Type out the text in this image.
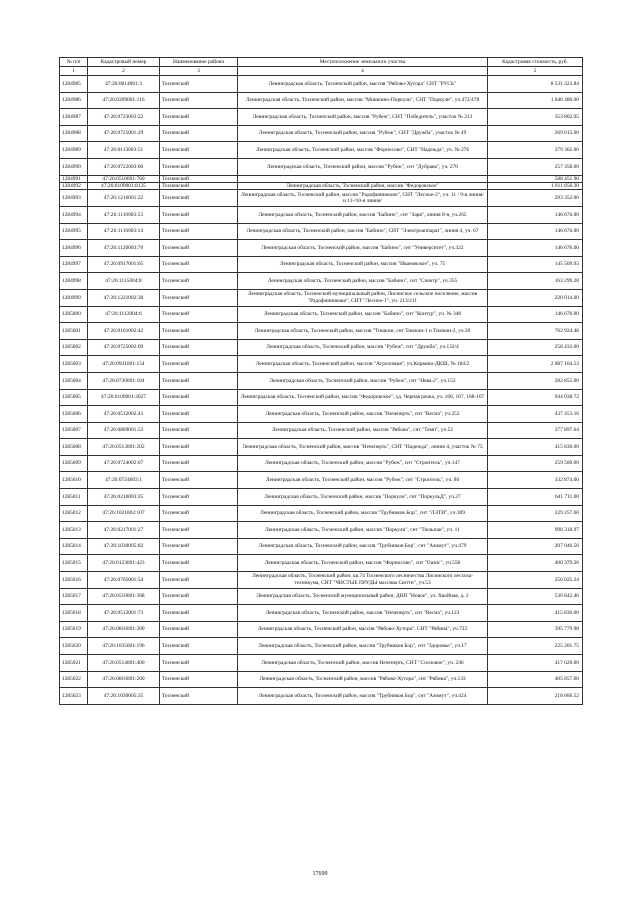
№ п/п	Кадастровый номер	Наименование района	Местоположение земельного участка	Кадастровая стоимость, руб.
1	2	3	4	5
1284985	47:26:0814001:3	Тосненский	Ленинградская область, Тосненский район, массив "Рябово-Хутора" СНТ "РУСЬ"	8 531 323.84
1284986	47:26:0209001:116	Тосненский	Ленинградская область, Тосненский район, массив "Мишкино-Поркули", СНТ "Поркули", уч.472/478	1 648 480.00
1284987	47:26:0723003:22	Тосненский	Ленинградская область, Тосненский район, массив "Рубеж", СНТ "Победитель", участок № 213	353 802.95
1284988	47:26:0725001:29	Тосненский	Ленинградская область, Тосненский район, массив "Рубеж", СНТ "Дружба", участок № 49	269 015.00
1284989	47:26:0113003:51	Тосненский	Ленинградская область, Тосненский район, массив "Форносово", СНТ "Надежда", уч. № 276	379 362.00
1284990	47:26:0722003:60	Тосненский	Ленинградская область, Тосненский район, массив "Рубеж", снт "Дубрава", уч. 270	257 358.00
1284991	47:26:0510001:760	Тосненский		588 451.90
1284992	47:26:0109001:8135	Тосненский	Ленинградская область, Тосненский район, массив "Федоровское"	1 011 856.30
1284993	47:26:1216001:22	Тосненский	Ленинградская область, Тосненский район, массив "Радофинниково", СНТ "Лесное-2", уч. 11 / 9-я линия/ и 11-/10-я линия/	293 352.00
1284994	47:26:1110003:53	Тосненский	Ленинградская область, Тосненский район, массив "Бабино", снт "Заря", линия 8-я, уч.265	146 676.00
1284995	47:26:1116003:14	Тосненский	Ленинградская область, Тосненский район, массив "Бабино", СНТ "Электроаппарат", линия 4, уч. 67	146 676.00
1284996	47:26:1120003:70	Тосненский	Ленинградская область, Тосненский район, массив "Бабино", снт "Университет", уч.322	146 676.00
1284997	47:26:0917001:65	Тосненский	Ленинградская область, Тосненский район, массив "Ивановское", уч. 75	145 509.93
1284998	47:26:1115004:8	Тосненский	Ленинградская область, Тосненский район, массив "Бабино", снт "Спектр", уч.355	163 299.28
1284999	47:26:1221002:38	Тосненский	Ленинградская область, Тосненский муниципальный район, Лисинское сельское поселение, массив "Радофинниково", СНТ "Лесное-1", уч. 213/211	220 014.00
1285000	47:26:1112004:6	Тосненский	Ленинградская область, Тосненский район, массив "Бабино", снт "Контур", уч. № 348	146 676.00
1285001	47:26:0101002:42	Тосненский	Ленинградская область, Тосненский район, массив "Тишкин, снт Тимкин-1 и Тимкин-2, уч.39	762 924.48
1285002	47:26:0725002:69	Тосненский	Ленинградская область, Тосненский район, массив "Рубеж", снт "Дружба", уч.132/4	258 432.00
1285003	47:26:0931001:154	Тосненский	Ленинградская область, Тосненский район, массив "Агрохимия", уч.Корвино-ДКШ, № 184/2	2 087 164.53
1285004	47:26:0730001:104	Тосненский	Ленинградская область, Тосненский район, массив "Рубеж", снт "Нева-2", уч.152	282 855.00
1285005	47:26:0109001:3027	Тосненский	Ленинградская область, Тосненский район, массив "Федоровское", уд. Черная речка, уч. 166, 167, 168-167	944 038.72
1285006	47:26:0512002:43	Тосненский	Ленинградская область, Тосненский район, массив "Нечеперть", снт "Весна", уч.252	437 453.16
1285007	47:26:0809001:53	Тосненский	Ленинградская область, Тосненский район, массив "Рябово", снт "Темп", уч.52	377 897.64
1285008	47:26:0513001:202	Тосненский	Ленинградская область, Тосненский район, массив "Нечеперть", СНТ "Надежда", линия 4, участок № 75	415 830.00
1285009	47:26:0724002:67	Тосненский	Ленинградская область, Тосненский район, массив "Рубеж", снт "Строитель", уч.147	259 500.00
1285010	47:26:0724003:1	Тосненский	Ленинградская область, Тосненский район, массив "Рубеж", снт "Строитель", уч. 80	332 874.00
1285011	47:26:0210003:35	Тосненский	Ленинградская область, Тосненский район, массив "Поркули", снт "ПоркульД", уч.27	641 711.00
1285012	47:26:1021002:107	Тосненский	Ленинградская область, Тосненский район, массив "Трубников Бор", снт "ЛЭТИ", уч.309	229 257.60
1285013	47:26:0217001:27	Тосненский	Ленинградская область, Тосненский район, массив "Поркули", снт "Тюльпан", уч. 11	998 318.97
1285014	47:26:1030005:82	Тосненский	Ленинградская область, Тосненский район, массив "Трубников Бор", снт "Азимут", уч.479	207 046.56
1285015	47:26:0123001:423	Тосненский	Ленинградская область, Тосненский район, массив "Форносово", снт "Оазис", уч.558	400 379.26
1285016	47:26:0705001:54	Тосненский	Ленинградская область, Тосненский район, кв.74 Тосненского лесничества Лисинского лесхоза-техникума, СНТ "ЧИСТЫЕ ПРУДЫ массива Сютти", уч.53	256 025.24
1285017	47:26:0510001:368	Тосненский	Ленинградская область, Тосненский муниципальный район, ДНП "Новое", ул. Хвойная, д. 2	530 842.40
1285018	47:26:0512001:73	Тосненский	Ленинградская область, Тосненский район, массив "Нечеперть", снт "Весна", уч.123	415 830.00
1285019	47:26:0816001:300	Тосненский	Ленинградская область, Тосненский район, массив "Рябово-Хутора", СНТ "Рябина", уч.722	395 779.98
1285020	47:26:1035001:196	Тосненский	Ленинградская область, Тосненский район, массив "Трубников Бор", снт "Здоровье", уч.17	225 201.75
1285021	47:26:0514001:400	Тосненский	Ленинградская область, Тосненский район, массив Нечеперть, СНТ "Сосновое", уч. 246	417 620.00
1285022	47:26:0816001:200	Тосненский	Ленинградская область, Тосненский район, массив "Рябово-Хутора", снт "Рябина", уч.133	405 857.60
1285023	47:26:1030005:35	Тосненский	Ленинградская область, Тосненский район, массив "Трубников Бор", снт "Азимут", уч.424	218 666.52
17699
